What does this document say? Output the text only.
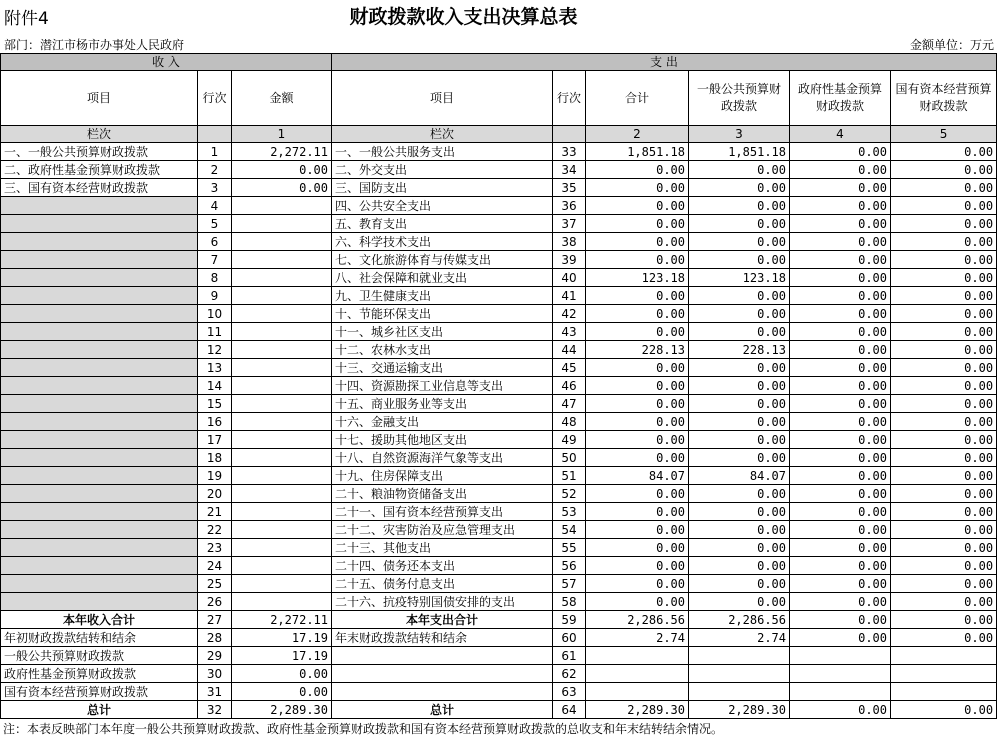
附件4	财政拨款收入支出决算总表
部门：潜江市杨市办事处人民政府	金额单位：万元
收 入			支 出					
项目	行次	金额	项目	行次	合计	一般公共预算财政拨款	政府性基金预算财政拨款	国有资本经营预算财政拨款
栏次		1	栏次		2	3	4	5
一、一般公共预算财政拨款	1	2,272.11	一、一般公共服务支出	33	1,851.18	1,851.18	0.00	0.00
二、政府性基金预算财政拨款	2	0.00	二、外交支出	34	0.00	0.00	0.00	0.00
三、国有资本经营财政拨款	3	0.00	三、国防支出	35	0.00	0.00	0.00	0.00
	4		四、公共安全支出	36	0.00	0.00	0.00	0.00
	5		五、教育支出	37	0.00	0.00	0.00	0.00
	6		六、科学技术支出	38	0.00	0.00	0.00	0.00
	7		七、文化旅游体育与传媒支出	39	0.00	0.00	0.00	0.00
	8		八、社会保障和就业支出	40	123.18	123.18	0.00	0.00
	9		九、卫生健康支出	41	0.00	0.00	0.00	0.00
	10		十、节能环保支出	42	0.00	0.00	0.00	0.00
	11		十一、城乡社区支出	43	0.00	0.00	0.00	0.00
	12		十二、农林水支出	44	228.13	228.13	0.00	0.00
	13		十三、交通运输支出	45	0.00	0.00	0.00	0.00
	14		十四、资源勘探工业信息等支出	46	0.00	0.00	0.00	0.00
	15		十五、商业服务业等支出	47	0.00	0.00	0.00	0.00
	16		十六、金融支出	48	0.00	0.00	0.00	0.00
	17		十七、援助其他地区支出	49	0.00	0.00	0.00	0.00
	18		十八、自然资源海洋气象等支出	50	0.00	0.00	0.00	0.00
	19		十九、住房保障支出	51	84.07	84.07	0.00	0.00
	20		二十、粮油物资储备支出	52	0.00	0.00	0.00	0.00
	21		二十一、国有资本经营预算支出	53	0.00	0.00	0.00	0.00
	22		二十二、灾害防治及应急管理支出	54	0.00	0.00	0.00	0.00
	23		二十三、其他支出	55	0.00	0.00	0.00	0.00
	24		二十四、债务还本支出	56	0.00	0.00	0.00	0.00
	25		二十五、债务付息支出	57	0.00	0.00	0.00	0.00
	26		二十六、抗疫特别国债安排的支出	58	0.00	0.00	0.00	0.00
本年收入合计	27	2,272.11	本年支出合计	59	2,286.56	2,286.56	0.00	0.00
年初财政拨款结转和结余	28	17.19	年末财政拨款结转和结余	60	2.74	2.74	0.00	0.00
一般公共预算财政拨款	29	17.19		61				
政府性基金预算财政拨款	30	0.00		62				
国有资本经营预算财政拨款	31	0.00		63				
总计	32	2,289.30	总计	64	2,289.30	2,289.30	0.00	0.00
注：本表反映部门本年度一般公共预算财政拨款、政府性基金预算财政拨款和国有资本经营预算财政拨款的总收支和年末结转结余情况。
